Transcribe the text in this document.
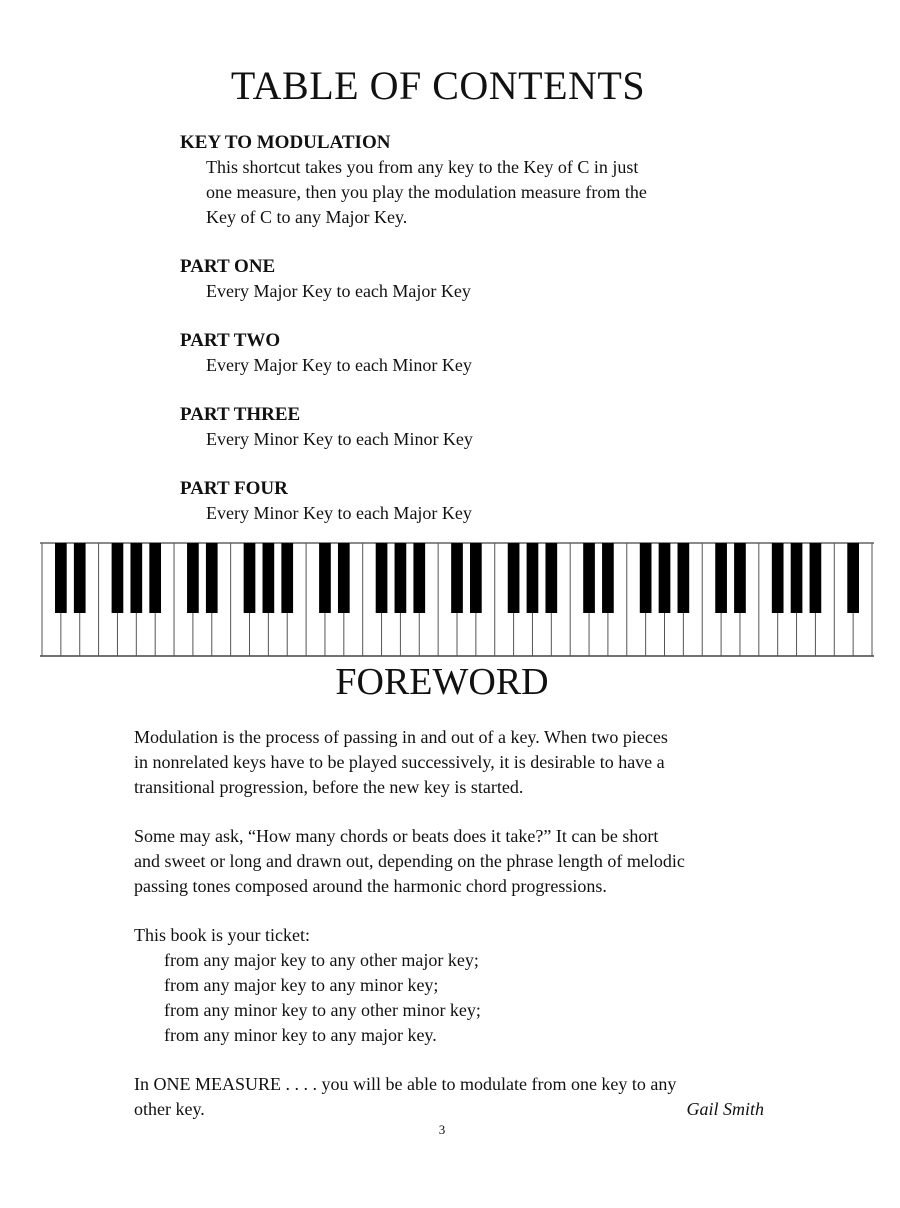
TABLE OF CONTENTS
KEY TO MODULATION
This shortcut takes you from any key to the Key of C in just
one measure, then you play the modulation measure from the
Key of C to any Major Key.
PART ONE
Every Major Key to each Major Key
PART TWO
Every Major Key to each Minor Key
PART THREE
Every Minor Key to each Minor Key
PART FOUR
Every Minor Key to each Major Key
FOREWORD

Modulation is the process of passing in and out of a key. When two pieces
in nonrelated keys have to be played successively, it is desirable to have a
transitional progression, before the new key is started.

Some may ask, “How many chords or beats does it take?” It can be short
and sweet or long and drawn out, depending on the phrase length of melodic
passing tones composed around the harmonic chord progressions.

This book is your ticket:
from any major key to any other major key;
from any major key to any minor key;
from any minor key to any other minor key;
from any minor key to any major key.

In ONE MEASURE . . . . you will be able to modulate from one key to any
other key.	Gail Smith

3
